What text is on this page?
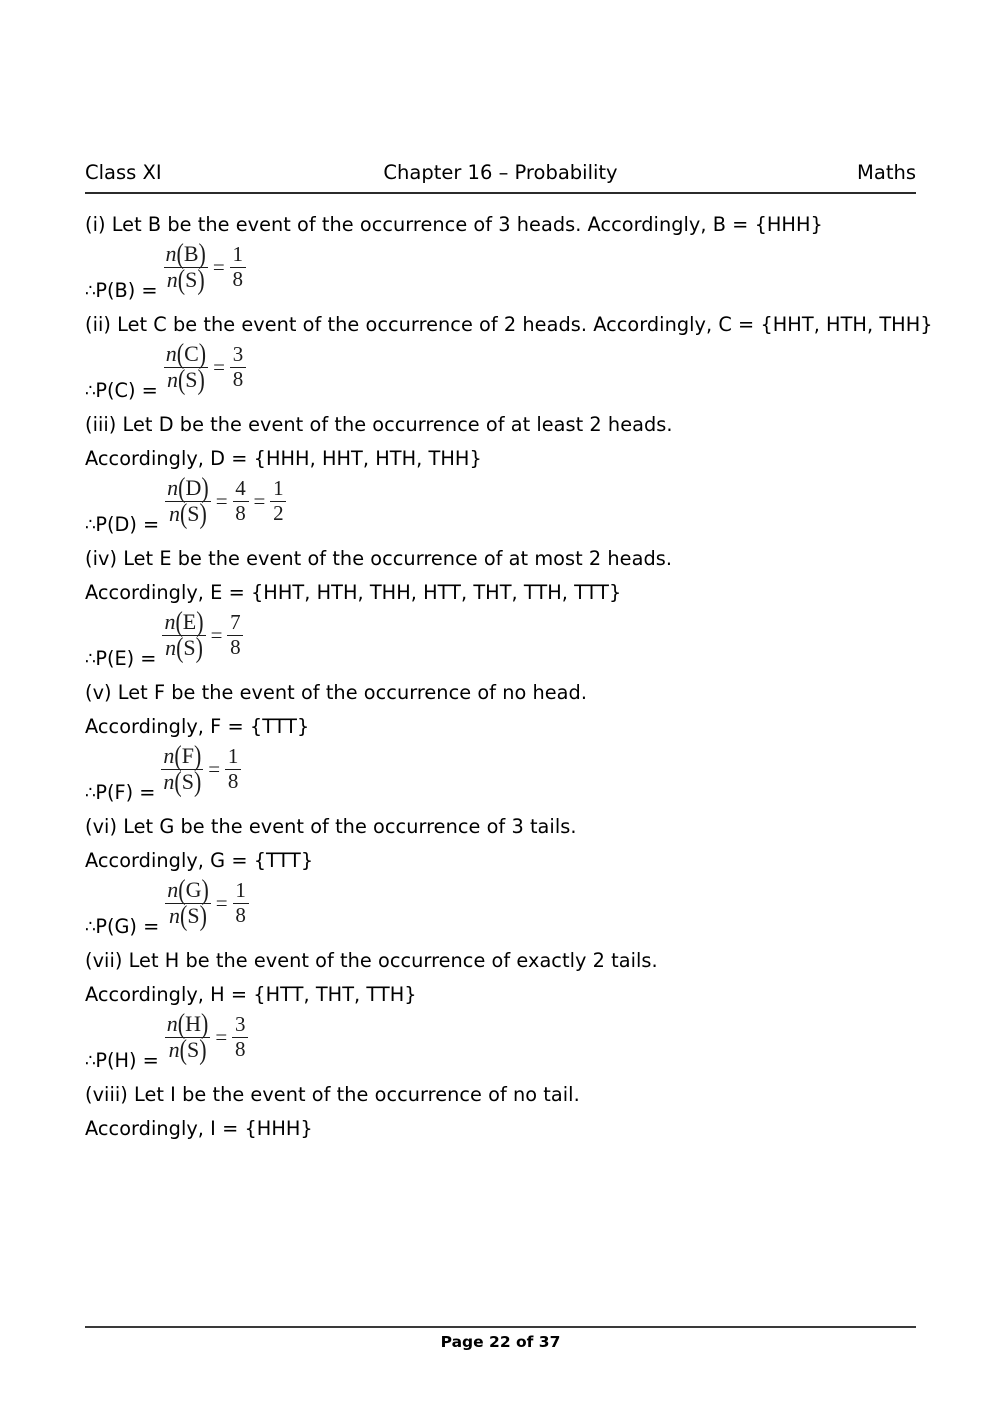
Class XI	Chapter 16 – Probability	Maths
(i) Let B be the event of the occurrence of 3 heads. Accordingly, B = {HHH}
∴P(B) = $\frac{n(B)}{n(S)} = \frac{1}{8}$
(ii) Let C be the event of the occurrence of 2 heads. Accordingly, C = {HHT, HTH, THH}
∴P(C) = $\frac{n(C)}{n(S)} = \frac{3}{8}$
(iii) Let D be the event of the occurrence of at least 2 heads.
Accordingly, D = {HHH, HHT, HTH, THH}
∴P(D) = $\frac{n(D)}{n(S)} = \frac{4}{8} = \frac{1}{2}$
(iv) Let E be the event of the occurrence of at most 2 heads.
Accordingly, E = {HHT, HTH, THH, HTT, THT, TTH, TTT}
∴P(E) = $\frac{n(E)}{n(S)} = \frac{7}{8}$
(v) Let F be the event of the occurrence of no head.
Accordingly, F = {TTT}
∴P(F) = $\frac{n(F)}{n(S)} = \frac{1}{8}$
(vi) Let G be the event of the occurrence of 3 tails.
Accordingly, G = {TTT}
∴P(G) = $\frac{n(G)}{n(S)} = \frac{1}{8}$
(vii) Let H be the event of the occurrence of exactly 2 tails.
Accordingly, H = {HTT, THT, TTH}
∴P(H) = $\frac{n(H)}{n(S)} = \frac{3}{8}$
(viii) Let I be the event of the occurrence of no tail.
Accordingly, I = {HHH}
Page 22 of 37
